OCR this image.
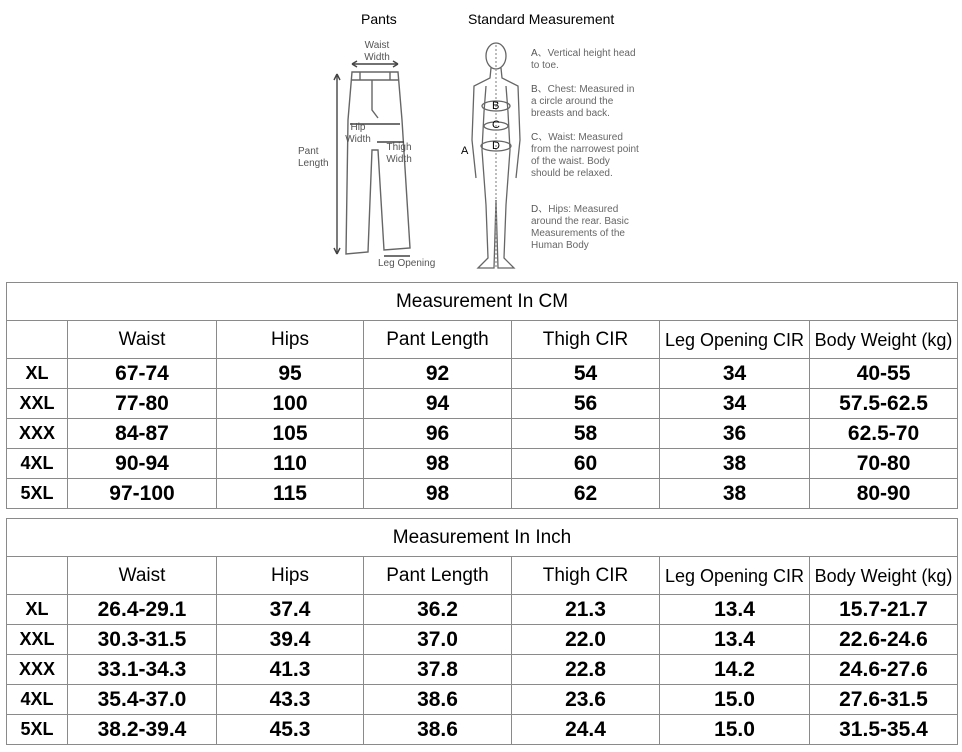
Pants	Standard Measurement
Waist Width
Hip Width
Thigh Width
Pant Length
Leg Opening
B
C
D
A
A、Vertical height head to toe.
B、Chest: Measured in a circle around the breasts and back.
C、Waist: Measured from the narrowest point of the waist. Body should be relaxed.
D、Hips: Measured around the rear. Basic Measurements of the Human Body
Measurement In CM						
	Waist	Hips	Pant Length	Thigh CIR	Leg Opening CIR	Body Weight (kg)
XL	67-74	95	92	54	34	40-55
XXL	77-80	100	94	56	34	57.5-62.5
XXX	84-87	105	96	58	36	62.5-70
4XL	90-94	110	98	60	38	70-80
5XL	97-100	115	98	62	38	80-90
Measurement In Inch						
	Waist	Hips	Pant Length	Thigh CIR	Leg Opening CIR	Body Weight (kg)
XL	26.4-29.1	37.4	36.2	21.3	13.4	15.7-21.7
XXL	30.3-31.5	39.4	37.0	22.0	13.4	22.6-24.6
XXX	33.1-34.3	41.3	37.8	22.8	14.2	24.6-27.6
4XL	35.4-37.0	43.3	38.6	23.6	15.0	27.6-31.5
5XL	38.2-39.4	45.3	38.6	24.4	15.0	31.5-35.4
